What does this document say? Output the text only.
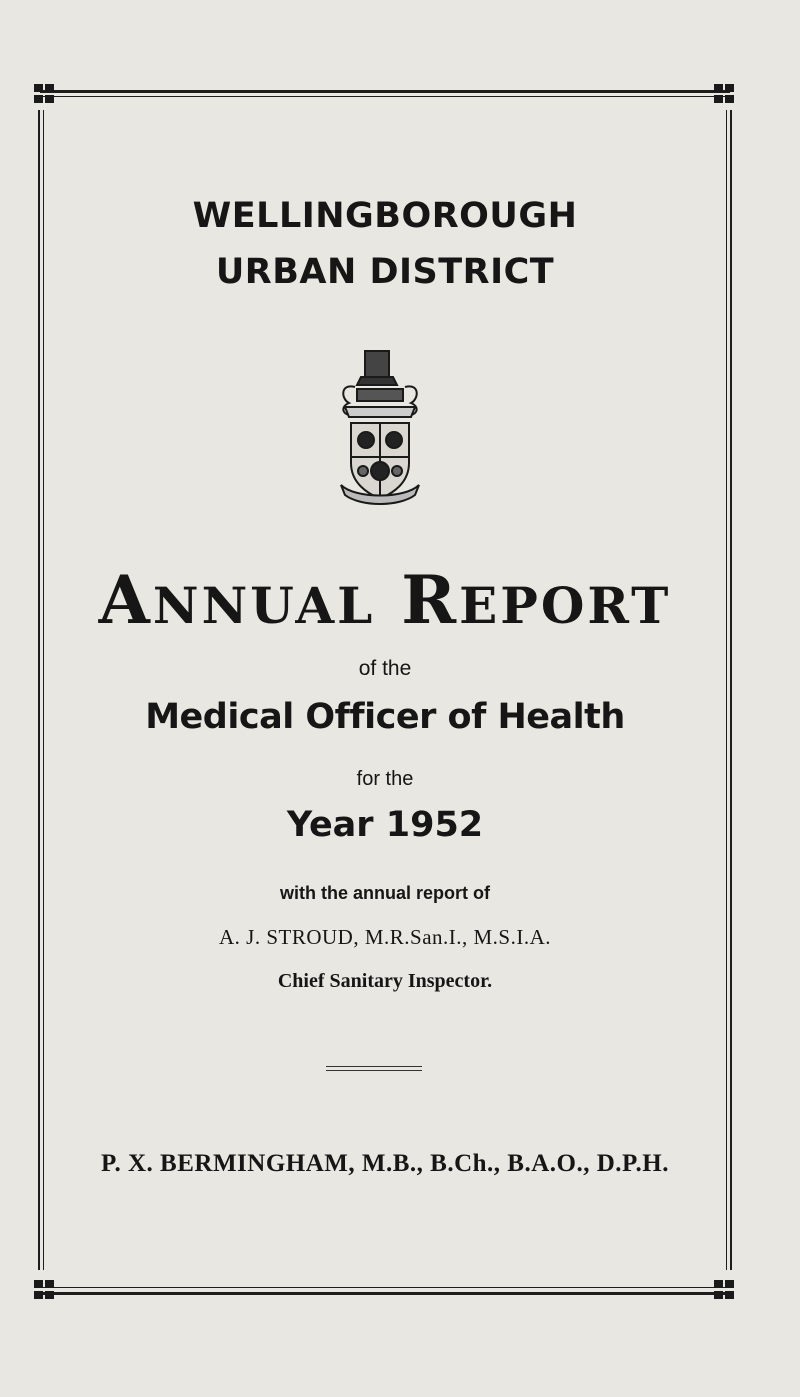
WELLINGBOROUGH
URBAN DISTRICT
ANNUAL REPORT
of the
Medical Officer of Health
for the
Year 1952
with the annual report of
A. J. STROUD, M.R.San.I., M.S.I.A.
Chief Sanitary Inspector.
P. X. BERMINGHAM, M.B., B.Ch., B.A.O., D.P.H.
